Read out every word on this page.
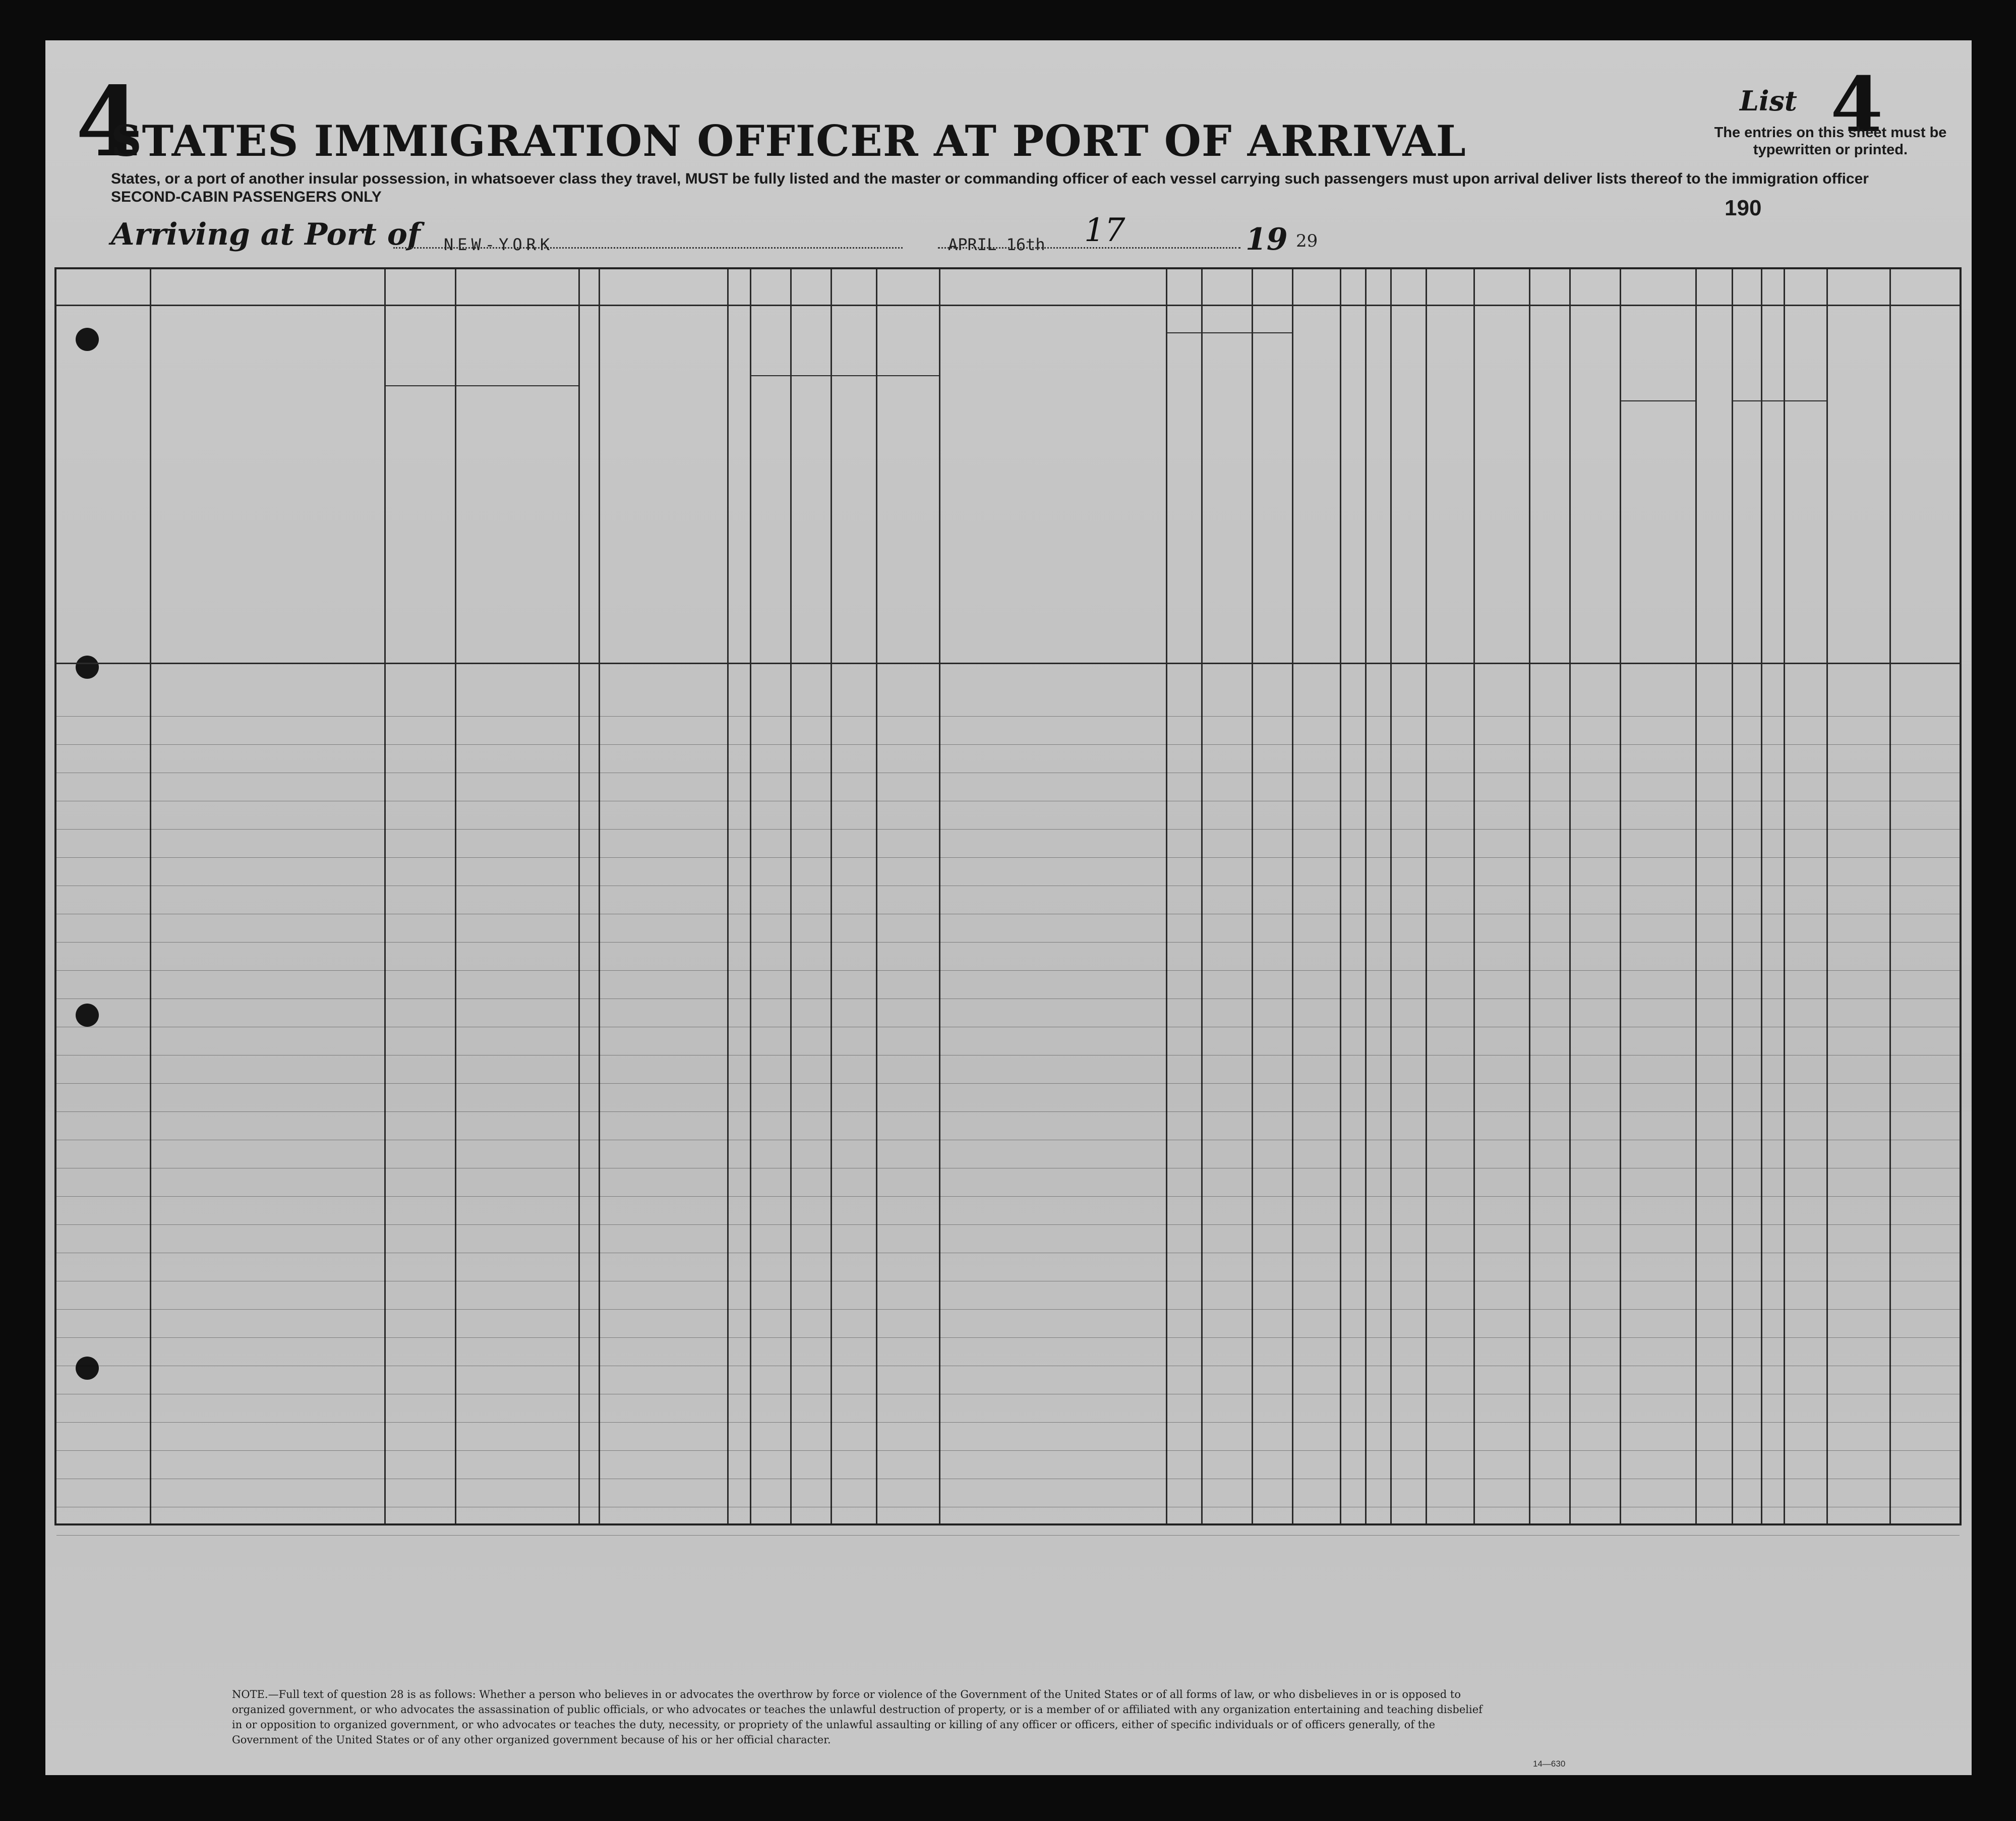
4
STATES IMMIGRATION OFFICER AT PORT OF ARRIVAL
States, or a port of another insular possession, in whatsoever class they travel, MUST be fully listed and the master or commanding officer of each vessel carrying such passengers must upon arrival deliver lists thereof to the immigration officer
SECOND-CABIN PASSENGERS ONLY
List 4
The entries on this sheet must be typewritten or printed.
190
Arriving at Port of NEW-YORK	APRIL 16th 17	19 29
NOTE.—Full text of question 28 is as follows: Whether a person who believes in or advocates the overthrow by force or violence of the Government of the United States or of all forms of law, or who disbelieves in or is opposed to organized government, or who advocates the assassination of public officials, or who advocates or teaches the unlawful destruction of property, or is a member of or affiliated with any organization entertaining and teaching disbelief in or opposition to organized government, or who advocates or teaches the duty, necessity, or propriety of the unlawful assaulting or killing of any officer or officers, either of specific individuals or of officers generally, of the Government of the United States or of any other organized government because of his or her official character.
14—630
